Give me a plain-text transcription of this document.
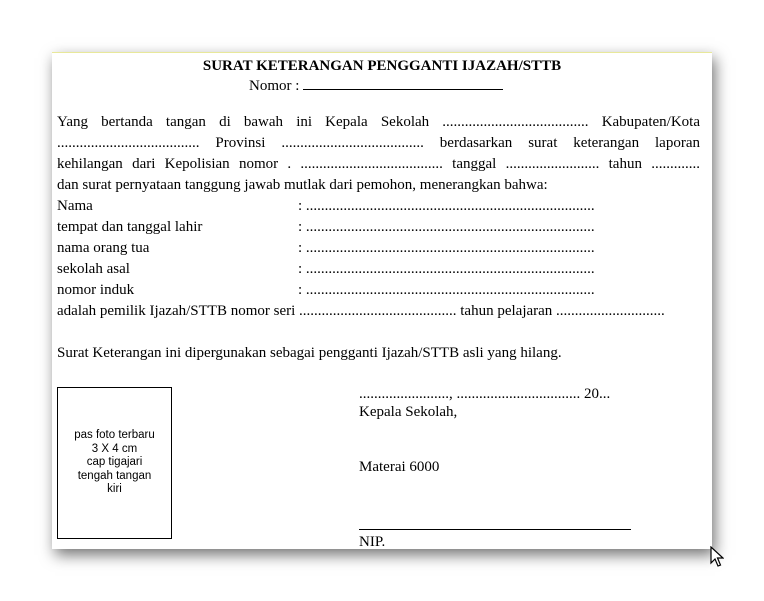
SURAT KETERANGAN PENGGANTI IJAZAH/STTB
Nomor :
Yang bertanda tangan di bawah ini Kepala Sekolah ....................................... Kabupaten/Kota
...................................... Provinsi ...................................... berdasarkan surat keterangan laporan
kehilangan dari Kepolisian nomor . ...................................... tanggal ......................... tahun .............
dan surat pernyataan tanggung jawab mutlak dari pemohon, menerangkan bahwa:
Nama	: .............................................................................
tempat dan tanggal lahir	: .............................................................................
nama orang tua	: .............................................................................
sekolah asal	: .............................................................................
nomor induk	: .............................................................................
adalah pemilik Ijazah/STTB nomor seri .......................................... tahun pelajaran .............................
Surat Keterangan ini dipergunakan sebagai pengganti Ijazah/STTB asli yang hilang.
pas foto terbaru
3 X 4 cm
cap tigajari
tengah tangan
kiri
........................, ................................. 20...
Kepala Sekolah,
Materai 6000
NIP.
